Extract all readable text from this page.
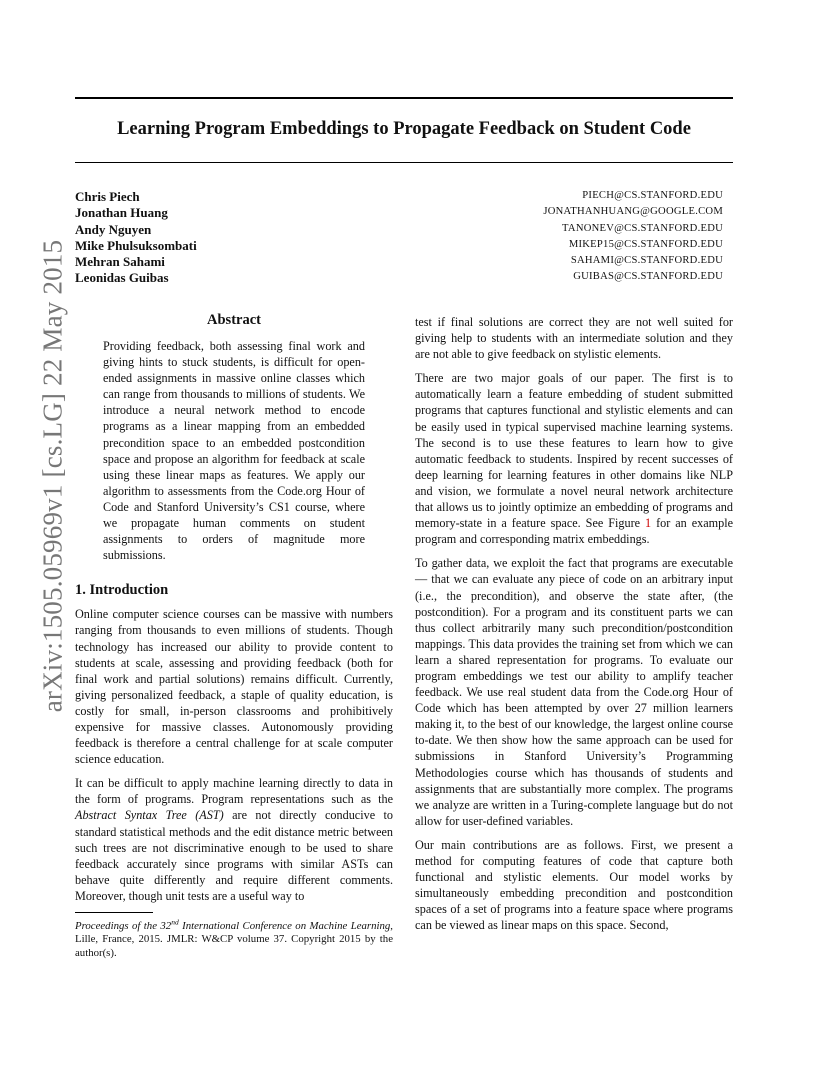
Learning Program Embeddings to Propagate Feedback on Student Code
Chris Piech	PIECH@CS.STANFORD.EDU
Jonathan Huang	JONATHANHUANG@GOOGLE.COM
Andy Nguyen	TANONEV@CS.STANFORD.EDU
Mike Phulsuksombati	MIKEP15@CS.STANFORD.EDU
Mehran Sahami	SAHAMI@CS.STANFORD.EDU
Leonidas Guibas	GUIBAS@CS.STANFORD.EDU
arXiv:1505.05969v1 [cs.LG] 22 May 2015	Abstract
Providing feedback, both assessing final work and giving hints to stuck students, is difficult for open-ended assignments in massive online classes which can range from thousands to millions of students. We introduce a neural network method to encode programs as a linear mapping from an embedded precondition space to an embedded postcondition space and propose an algorithm for feedback at scale using these linear maps as features. We apply our algorithm to assessments from the Code.org Hour of Code and Stanford University’s CS1 course, where we propagate human comments on student assignments to orders of magnitude more submissions.
1. Introduction

Online computer science courses can be massive with numbers ranging from thousands to even millions of students. Though technology has increased our ability to provide content to students at scale, assessing and providing feedback (both for final work and partial solutions) remains difficult. Currently, giving personalized feedback, a staple of quality education, is costly for small, in-person classrooms and prohibitively expensive for massive classes. Autonomously providing feedback is therefore a central challenge for at scale computer science education.

It can be difficult to apply machine learning directly to data in the form of programs. Program representations such as the Abstract Syntax Tree (AST) are not directly conducive to standard statistical methods and the edit distance metric between such trees are not discriminative enough to be used to share feedback accurately since programs with similar ASTs can behave quite differently and require different comments. Moreover, though unit tests are a useful way to

Proceedings of the 32nd International Conference on Machine Learning, Lille, France, 2015. JMLR: W&CP volume 37. Copyright 2015 by the author(s).

test if final solutions are correct they are not well suited for giving help to students with an intermediate solution and they are not able to give feedback on stylistic elements.

There are two major goals of our paper. The first is to automatically learn a feature embedding of student submitted programs that captures functional and stylistic elements and can be easily used in typical supervised machine learning systems. The second is to use these features to learn how to give automatic feedback to students. Inspired by recent successes of deep learning for learning features in other domains like NLP and vision, we formulate a novel neural network architecture that allows us to jointly optimize an embedding of programs and memory-state in a feature space. See Figure 1 for an example program and corresponding matrix embeddings.

To gather data, we exploit the fact that programs are executable — that we can evaluate any piece of code on an arbitrary input (i.e., the precondition), and observe the state after, (the postcondition). For a program and its constituent parts we can thus collect arbitrarily many such precondition/postcondition mappings. This data provides the training set from which we can learn a shared representation for programs. To evaluate our program embeddings we test our ability to amplify teacher feedback. We use real student data from the Code.org Hour of Code which has been attempted by over 27 million learners making it, to the best of our knowledge, the largest online course to-date. We then show how the same approach can be used for submissions in Stanford University’s Programming Methodologies course which has thousands of students and assignments that are substantially more complex. The programs we analyze are written in a Turing-complete language but do not allow for user-defined variables.

Our main contributions are as follows. First, we present a method for computing features of code that capture both functional and stylistic elements. Our model works by simultaneously embedding precondition and postcondition spaces of a set of programs into a feature space where programs can be viewed as linear maps on this space. Second,
